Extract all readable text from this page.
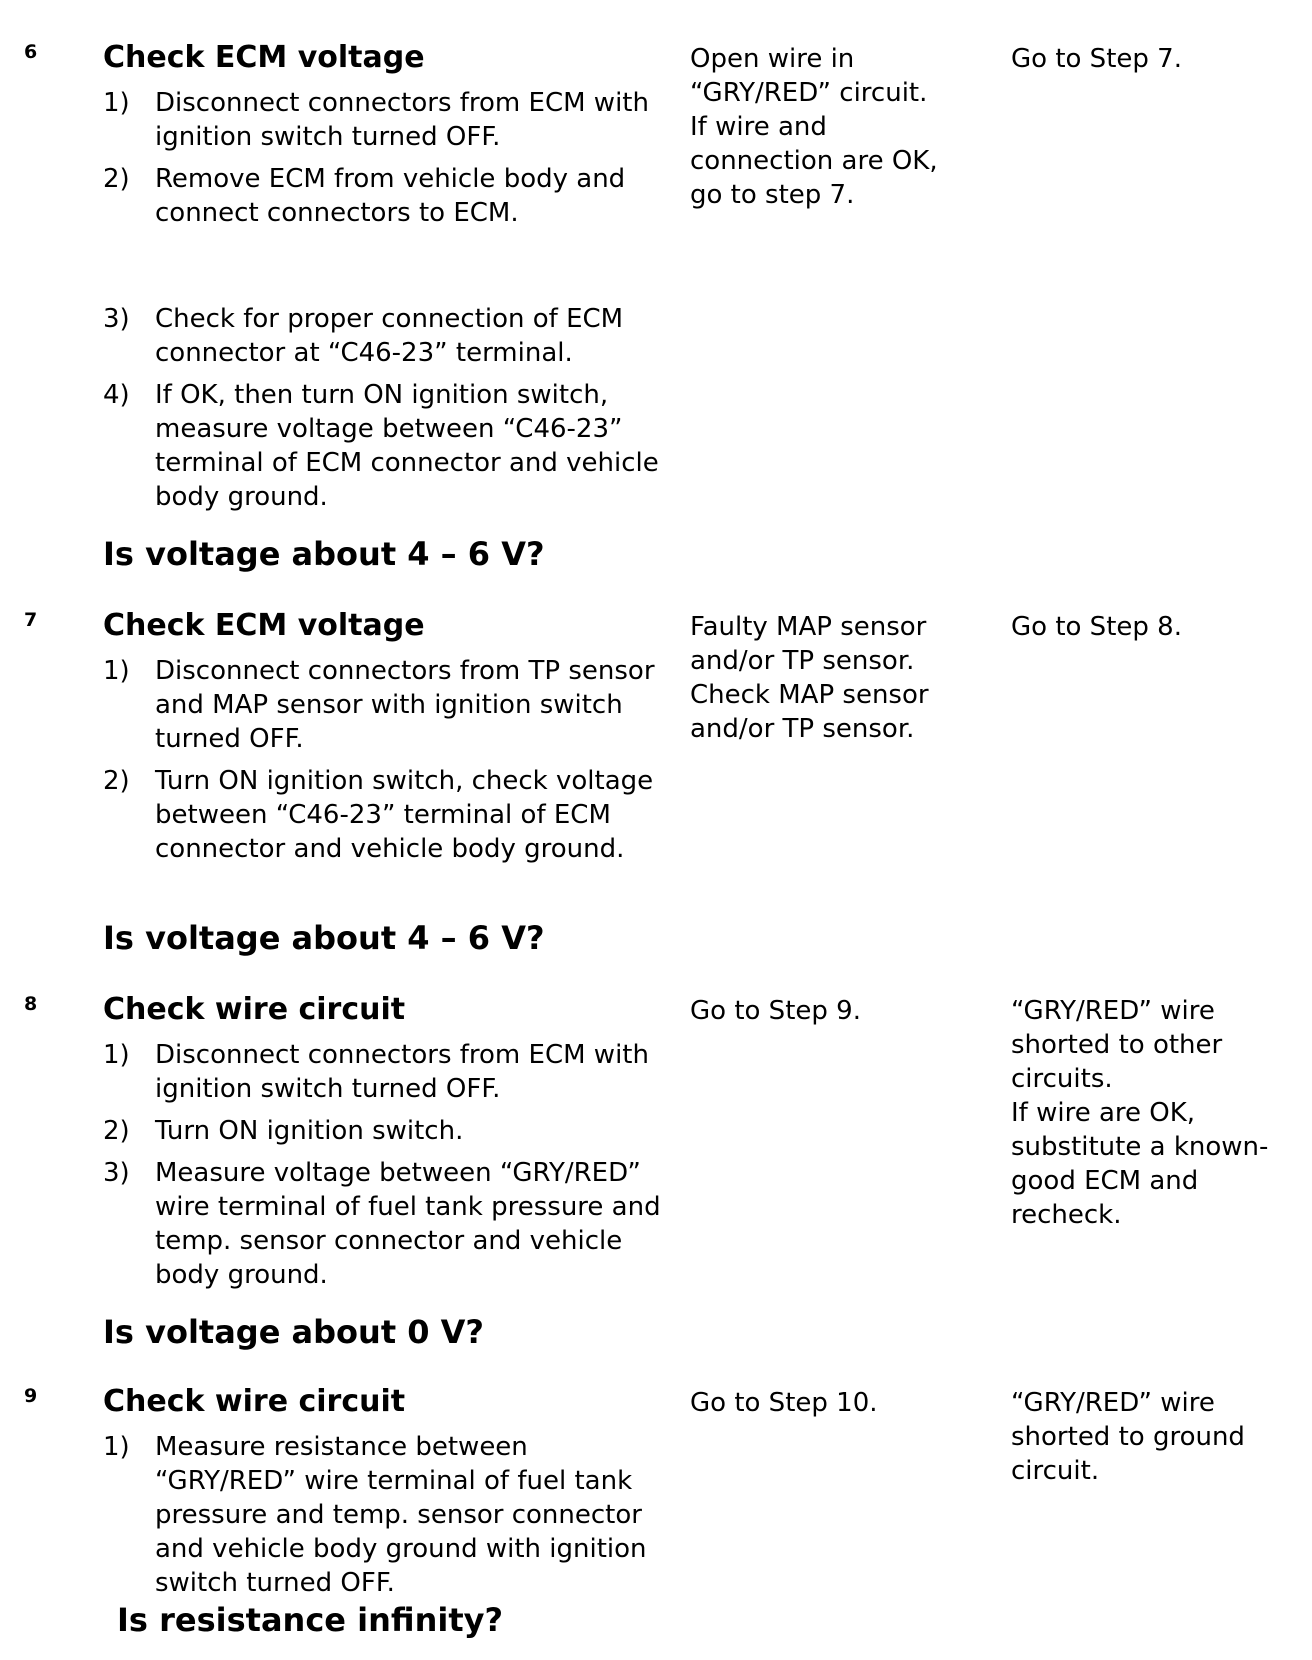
6 Check ECM voltage
1) Disconnect connectors from ECM with ignition switch turned OFF.
2) Remove ECM from vehicle body and connect connectors to ECM.
3) Check for proper connection of ECM connector at “C46-23” terminal.
4) If OK, then turn ON ignition switch, measure voltage between “C46-23” terminal of ECM connector and vehicle body ground.
Is voltage about 4 – 6 V?
Open wire in
“GRY/RED” circuit.
If wire and
connection are OK,
go to step 7.
Go to Step 7.
7 Check ECM voltage
1) Disconnect connectors from TP sensor and MAP sensor with ignition switch turned OFF.
2) Turn ON ignition switch, check voltage between “C46-23” terminal of ECM connector and vehicle body ground.
Is voltage about 4 – 6 V?
Faulty MAP sensor
and/or TP sensor.
Check MAP sensor
and/or TP sensor.
Go to Step 8.
8 Check wire circuit
1) Disconnect connectors from ECM with ignition switch turned OFF.
2) Turn ON ignition switch.
3) Measure voltage between “GRY/RED” wire terminal of fuel tank pressure and temp. sensor connector and vehicle body ground.
Is voltage about 0 V?
Go to Step 9.	“GRY/RED” wire
shorted to other
circuits.
If wire are OK,
substitute a known-
good ECM and
recheck.
9 Check wire circuit
1) Measure resistance between “GRY/RED” wire terminal of fuel tank pressure and temp. sensor connector and vehicle body ground with ignition switch turned OFF.
Is resistance infinity?
Go to Step 10.	“GRY/RED” wire
shorted to ground
circuit.
